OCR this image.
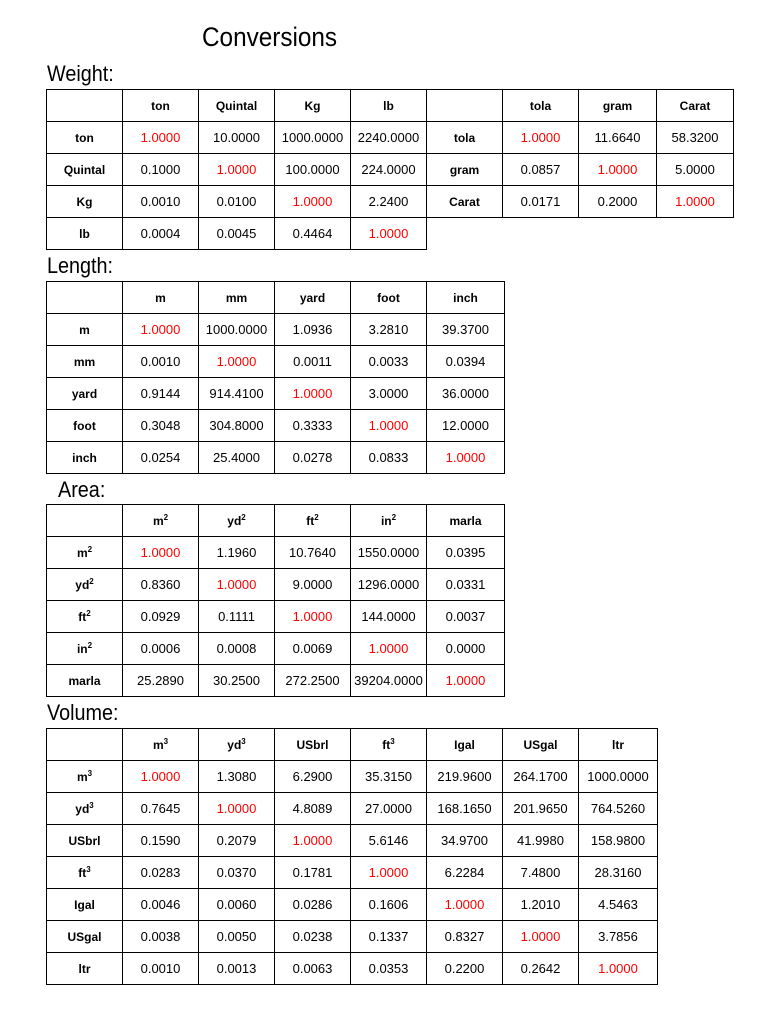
Conversions
Weight:
	ton	Quintal	Kg	lb		tola	gram	Carat
ton	1.0000	10.0000	1000.0000	2240.0000	tola	1.0000	11.6640	58.3200
Quintal	0.1000	1.0000	100.0000	224.0000	gram	0.0857	1.0000	5.0000
Kg	0.0010	0.0100	1.0000	2.2400	Carat	0.0171	0.2000	1.0000
lb	0.0004	0.0045	0.4464	1.0000				
Length:
	m	mm	yard	foot	inch
m	1.0000	1000.0000	1.0936	3.2810	39.3700
mm	0.0010	1.0000	0.0011	0.0033	0.0394
yard	0.9144	914.4100	1.0000	3.0000	36.0000
foot	0.3048	304.8000	0.3333	1.0000	12.0000
inch	0.0254	25.4000	0.0278	0.0833	1.0000
Area:
	$m^2$	$yd^2$	$ft^2$	$in^2$	marla
$m^2$	1.0000	1.1960	10.7640	1550.0000	0.0395
$yd^2$	0.8360	1.0000	9.0000	1296.0000	0.0331
$ft^2$	0.0929	0.1111	1.0000	144.0000	0.0037
$in^2$	0.0006	0.0008	0.0069	1.0000	0.0000
marla	25.2890	30.2500	272.2500	39204.0000	1.0000
Volume:
	$m^3$	$yd^3$	USbrl	$ft^3$	Igal	USgal	ltr
$m^3$	1.0000	1.3080	6.2900	35.3150	219.9600	264.1700	1000.0000
$yd^3$	0.7645	1.0000	4.8089	27.0000	168.1650	201.9650	764.5260
USbrl	0.1590	0.2079	1.0000	5.6146	34.9700	41.9980	158.9800
$ft^3$	0.0283	0.0370	0.1781	1.0000	6.2284	7.4800	28.3160
Igal	0.0046	0.0060	0.0286	0.1606	1.0000	1.2010	4.5463
USgal	0.0038	0.0050	0.0238	0.1337	0.8327	1.0000	3.7856
ltr	0.0010	0.0013	0.0063	0.0353	0.2200	0.2642	1.0000
